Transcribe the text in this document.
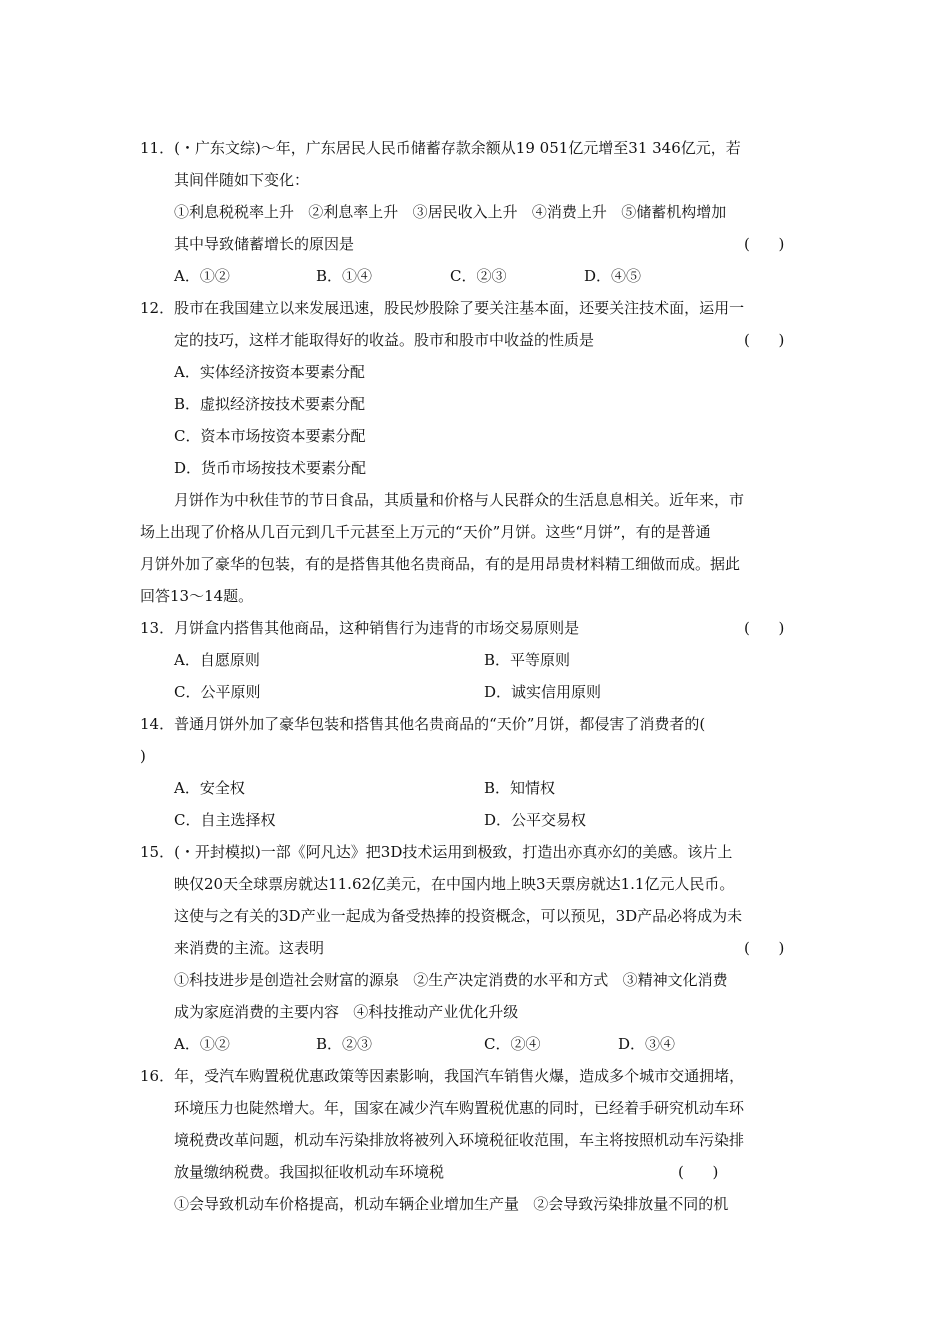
11．(・广东文综)～年，广东居民人民币储蓄存款余额从19 051亿元增至31 346亿元，若
其间伴随如下变化：
①利息税税率上升   ②利息率上升   ③居民收入上升   ④消费上升   ⑤储蓄机构增加
其中导致储蓄增长的原因是	(      )
A．①②	B．①④	C．②③	D．④⑤
12．股市在我国建立以来发展迅速，股民炒股除了要关注基本面，还要关注技术面，运用一
定的技巧，这样才能取得好的收益。股市和股市中收益的性质是	(      )
A．实体经济按资本要素分配
B．虚拟经济按技术要素分配
C．资本市场按资本要素分配
D．货币市场按技术要素分配
月饼作为中秋佳节的节日食品，其质量和价格与人民群众的生活息息相关。近年来，市
场上出现了价格从几百元到几千元甚至上万元的“天价”月饼。这些“月饼”，有的是普通
月饼外加了豪华的包装，有的是搭售其他名贵商品，有的是用昂贵材料精工细做而成。据此
回答13～14题。
13．月饼盒内搭售其他商品，这种销售行为违背的市场交易原则是	(      )
A．自愿原则	B．平等原则
C．公平原则	D．诚实信用原则
14．普通月饼外加了豪华包装和搭售其他名贵商品的“天价”月饼，都侵害了消费者的(
)
A．安全权	B．知情权
C．自主选择权	D．公平交易权
15．(・开封模拟)一部《阿凡达》把3D技术运用到极致，打造出亦真亦幻的美感。该片上
映仅20天全球票房就达11.62亿美元，在中国内地上映3天票房就达1.1亿元人民币。
这使与之有关的3D产业一起成为备受热捧的投资概念，可以预见，3D产品必将成为未
来消费的主流。这表明	(      )
①科技进步是创造社会财富的源泉   ②生产决定消费的水平和方式   ③精神文化消费
成为家庭消费的主要内容   ④科技推动产业优化升级
A．①②	B．②③	C．②④	D．③④
16．年，受汽车购置税优惠政策等因素影响，我国汽车销售火爆，造成多个城市交通拥堵，
环境压力也陡然增大。年，国家在减少汽车购置税优惠的同时，已经着手研究机动车环
境税费改革问题，机动车污染排放将被列入环境税征收范围，车主将按照机动车污染排
放量缴纳税费。我国拟征收机动车环境税	(      )
①会导致机动车价格提高，机动车辆企业增加生产量   ②会导致污染排放量不同的机
